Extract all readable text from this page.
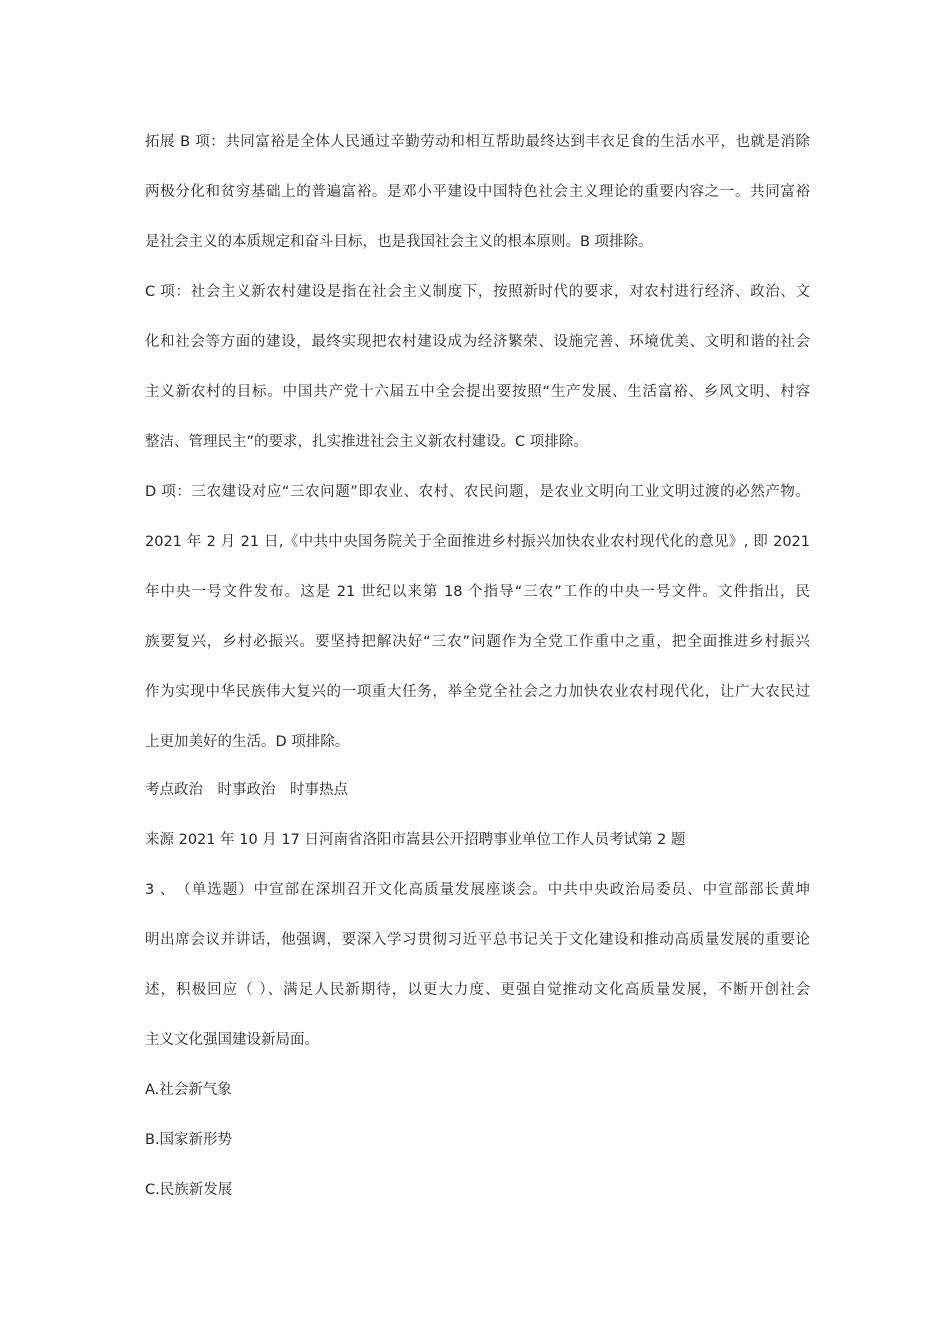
拓展 B 项：共同富裕是全体人民通过辛勤劳动和相互帮助最终达到丰衣足食的生活水平，也就是消除
两极分化和贫穷基础上的普遍富裕。是邓小平建设中国特色社会主义理论的重要内容之一。共同富裕
是社会主义的本质规定和奋斗目标，也是我国社会主义的根本原则。B 项排除。
C 项：社会主义新农村建设是指在社会主义制度下，按照新时代的要求，对农村进行经济、政治、文
化和社会等方面的建设，最终实现把农村建设成为经济繁荣、设施完善、环境优美、文明和谐的社会
主义新农村的目标。中国共产党十六届五中全会提出要按照“生产发展、生活富裕、乡风文明、村容
整洁、管理民主”的要求，扎实推进社会主义新农村建设。C 项排除。
D 项：三农建设对应“三农问题”即农业、农村、农民问题，是农业文明向工业文明过渡的必然产物。
2021 年 2 月 21 日,《中共中央国务院关于全面推进乡村振兴加快农业农村现代化的意见》, 即 2021
年中央一号文件发布。这是 21 世纪以来第 18 个指导“三农”工作的中央一号文件。文件指出，民
族要复兴，乡村必振兴。要坚持把解决好“三农”问题作为全党工作重中之重，把全面推进乡村振兴
作为实现中华民族伟大复兴的一项重大任务，举全党全社会之力加快农业农村现代化，让广大农民过
上更加美好的生活。D 项排除。
考点政治　时事政治　时事热点
来源 2021 年 10 月 17 日河南省洛阳市嵩县公开招聘事业单位工作人员考试第 2 题
3 、　（单选题）中宣部在深圳召开文化高质量发展座谈会。中共中央政治局委员、中宣部部长黄坤
明出席会议并讲话，他强调，要深入学习贯彻习近平总书记关于文化建设和推动高质量发展的重要论
述，积极回应（ ）、满足人民新期待，以更大力度、更强自觉推动文化高质量发展，不断开创社会
主义文化强国建设新局面。
A.社会新气象
B.国家新形势
C.民族新发展
